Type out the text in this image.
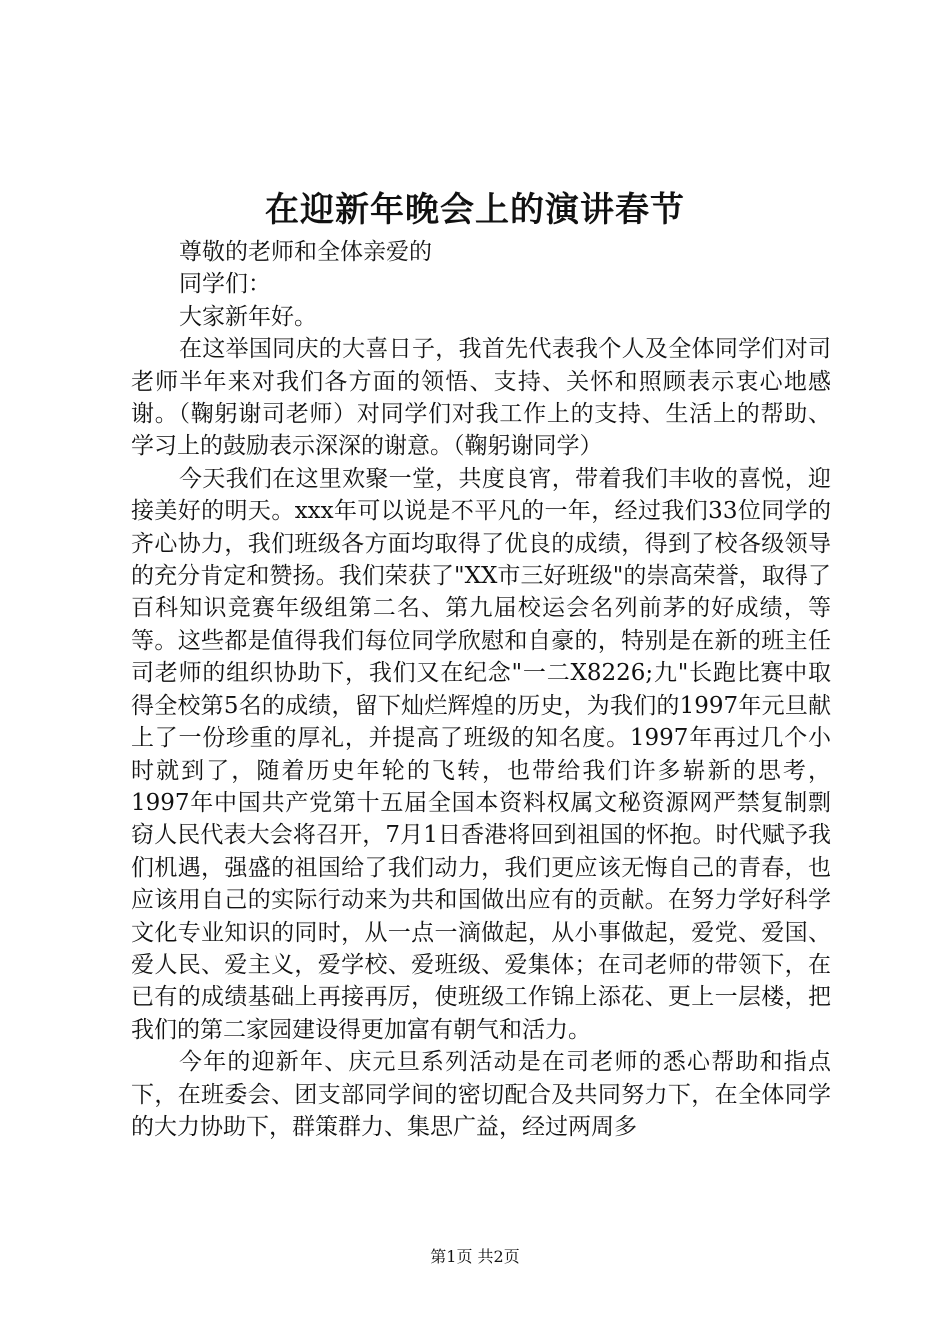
在迎新年晚会上的演讲春节

尊敬的老师和全体亲爱的

同学们：

大家新年好。

在这举国同庆的大喜日子，我首先代表我个人及全体同学们对司老师半年来对我们各方面的领悟、支持、关怀和照顾表示衷心地感谢。（鞠躬谢司老师）对同学们对我工作上的支持、生活上的帮助、学习上的鼓励表示深深的谢意。（鞠躬谢同学）

今天我们在这里欢聚一堂，共度良宵，带着我们丰收的喜悦，迎接美好的明天。xxx年可以说是不平凡的一年，经过我们33位同学的齐心协力，我们班级各方面均取得了优良的成绩，得到了校各级领导的充分肯定和赞扬。我们荣获了"XX市三好班级"的崇高荣誉，取得了百科知识竞赛年级组第二名、第九届校运会名列前茅的好成绩，等等。这些都是值得我们每位同学欣慰和自豪的，特别是在新的班主任司老师的组织协助下，我们又在纪念"一二X8226;九"长跑比赛中取得全校第5名的成绩，留下灿烂辉煌的历史，为我们的1997年元旦献上了一份珍重的厚礼，并提高了班级的知名度。1997年再过几个小时就到了，随着历史年轮的飞转，也带给我们许多崭新的思考，1997年中国共产党第十五届全国本资料权属文秘资源网严禁复制剽窃人民代表大会将召开，7月1日香港将回到祖国的怀抱。时代赋予我们机遇，强盛的祖国给了我们动力，我们更应该无悔自己的青春，也应该用自己的实际行动来为共和国做出应有的贡献。在努力学好科学文化专业知识的同时，从一点一滴做起，从小事做起，爱党、爱国、爱人民、爱主义，爱学校、爱班级、爱集体；在司老师的带领下，在已有的成绩基础上再接再厉，使班级工作锦上添花、更上一层楼，把我们的第二家园建设得更加富有朝气和活力。

今年的迎新年、庆元旦系列活动是在司老师的悉心帮助和指点下，在班委会、团支部同学间的密切配合及共同努力下，在全体同学的大力协助下，群策群力、集思广益，经过两周多

第1页 共2页
